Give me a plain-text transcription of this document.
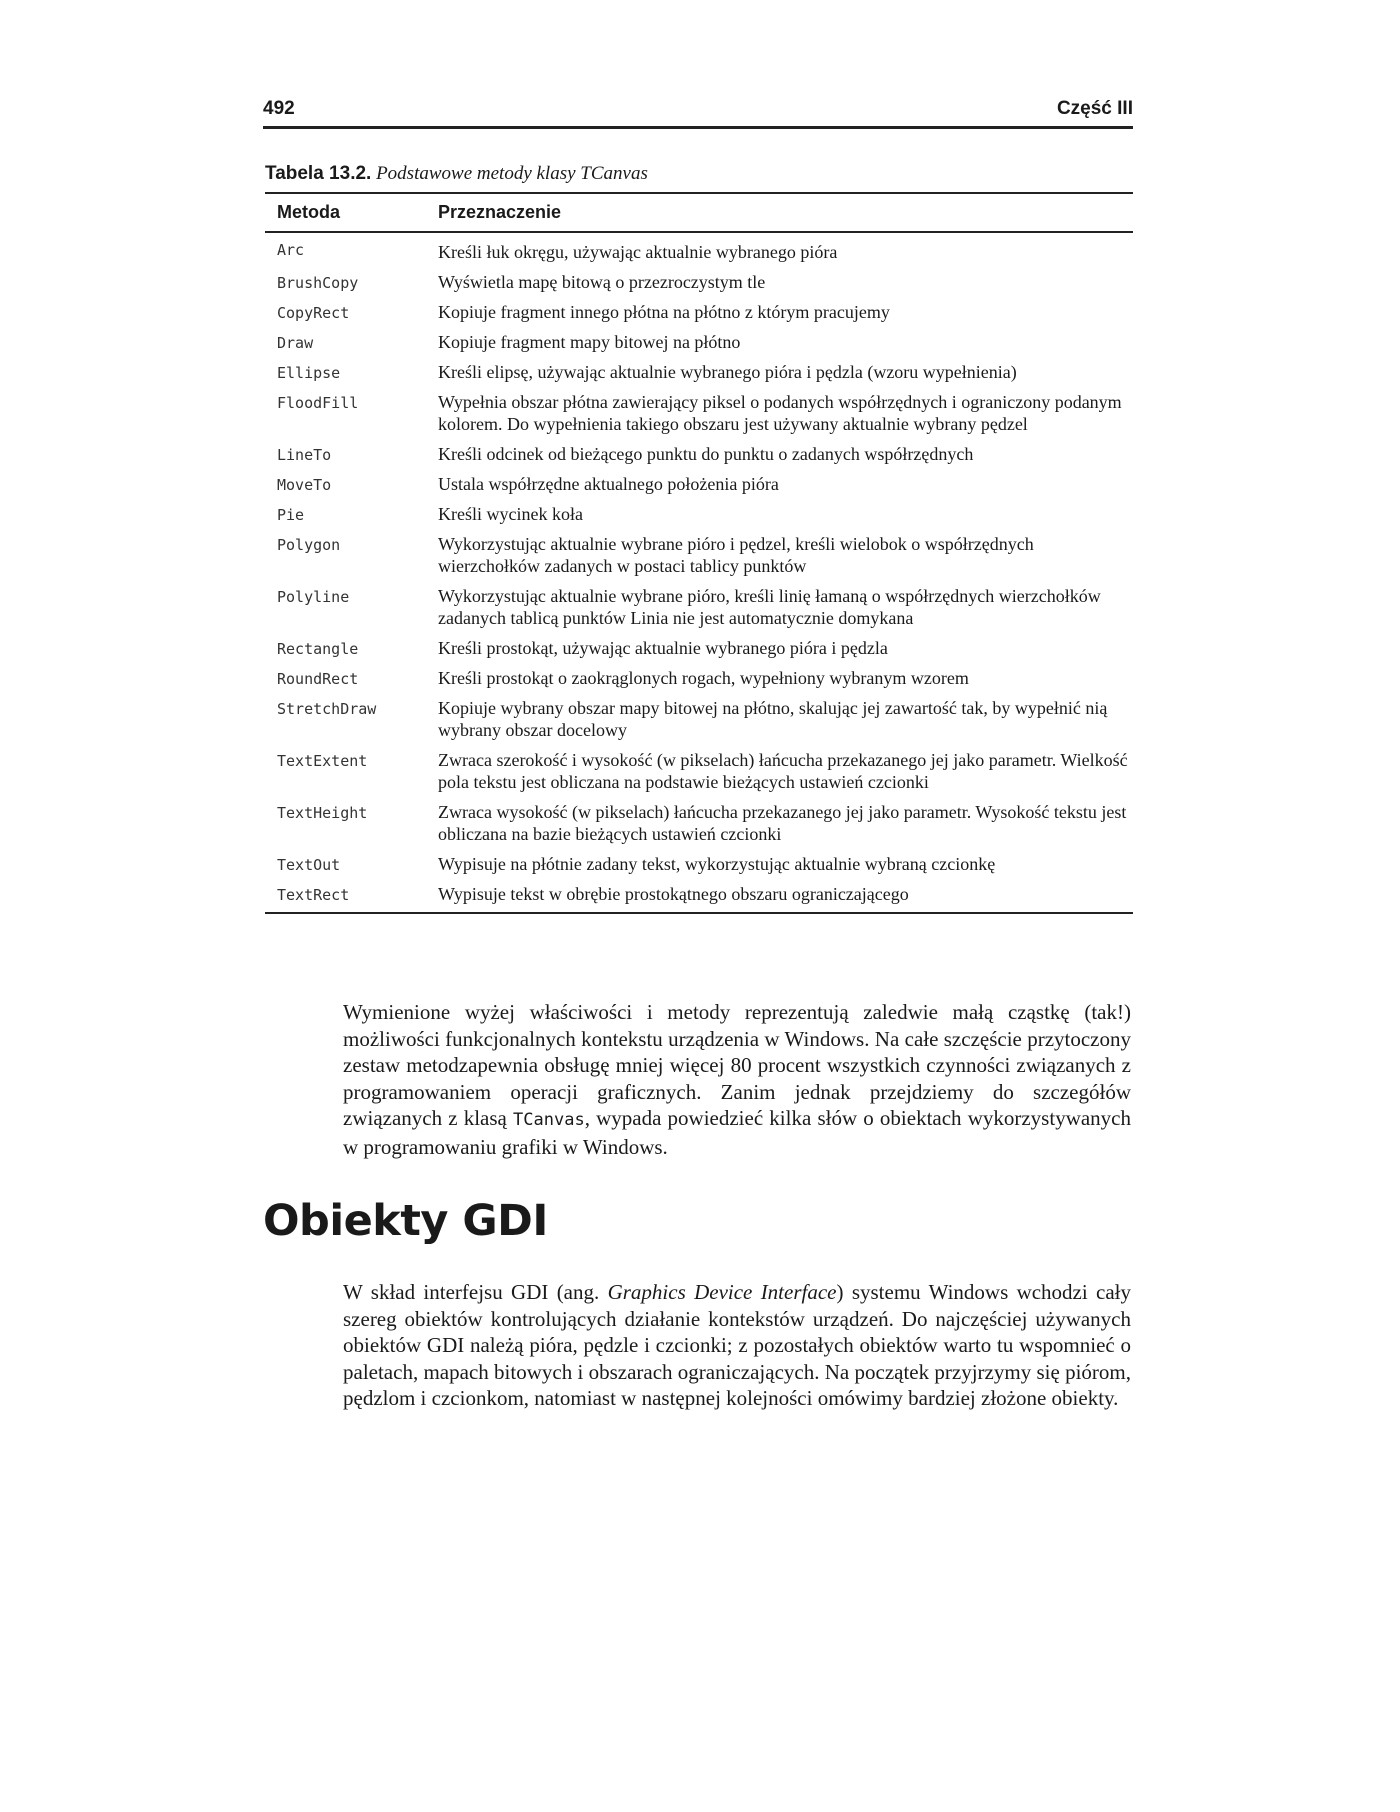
492	Część III
Tabela 13.2. Podstawowe metody klasy TCanvas
Metoda	Przeznaczenie
Arc	Kreśli łuk okręgu, używając aktualnie wybranego pióra
BrushCopy	Wyświetla mapę bitową o przezroczystym tle
CopyRect	Kopiuje fragment innego płótna na płótno z którym pracujemy
Draw	Kopiuje fragment mapy bitowej na płótno
Ellipse	Kreśli elipsę, używając aktualnie wybranego pióra i pędzla (wzoru wypełnienia)
FloodFill	Wypełnia obszar płótna zawierający piksel o podanych współrzędnych i ograniczony podanym kolorem. Do wypełnienia takiego obszaru jest używany aktualnie wybrany pędzel
LineTo	Kreśli odcinek od bieżącego punktu do punktu o zadanych współrzędnych
MoveTo	Ustala współrzędne aktualnego położenia pióra
Pie	Kreśli wycinek koła
Polygon	Wykorzystując aktualnie wybrane pióro i pędzel, kreśli wielobok o współrzędnych wierzchołków zadanych w postaci tablicy punktów
Polyline	Wykorzystując aktualnie wybrane pióro, kreśli linię łamaną o współrzędnych wierzchołków zadanych tablicą punktów Linia nie jest automatycznie domykana
Rectangle	Kreśli prostokąt, używając aktualnie wybranego pióra i pędzla
RoundRect	Kreśli prostokąt o zaokrąglonych rogach, wypełniony wybranym wzorem
StretchDraw	Kopiuje wybrany obszar mapy bitowej na płótno, skalując jej zawartość tak, by wypełnić nią wybrany obszar docelowy
TextExtent	Zwraca szerokość i wysokość (w pikselach) łańcucha przekazanego jej jako parametr. Wielkość pola tekstu jest obliczana na podstawie bieżących ustawień czcionki
TextHeight	Zwraca wysokość (w pikselach) łańcucha przekazanego jej jako parametr. Wysokość tekstu jest obliczana na bazie bieżących ustawień czcionki
TextOut	Wypisuje na płótnie zadany tekst, wykorzystując aktualnie wybraną czcionkę
TextRect	Wypisuje tekst w obrębie prostokątnego obszaru ograniczającego
Wymienione wyżej właściwości i metody reprezentują zaledwie małą cząstkę (tak!) możliwości funkcjonalnych kontekstu urządzenia w Windows. Na całe szczęście przytoczony zestaw metodzapewnia obsługę mniej więcej 80 procent wszystkich czynności związanych z programowaniem operacji graficznych. Zanim jednak przejdziemy do szczegółów związanych z klasą TCanvas, wypada powiedzieć kilka słów o obiektach wykorzystywanych w programowaniu grafiki w Windows.
Obiekty GDI
W skład interfejsu GDI (ang. Graphics Device Interface) systemu Windows wchodzi cały szereg obiektów kontrolujących działanie kontekstów urządzeń. Do najczęściej używanych obiektów GDI należą pióra, pędzle i czcionki; z pozostałych obiektów warto tu wspomnieć o paletach, mapach bitowych i obszarach ograniczających. Na początek przyjrzymy się piórom, pędzlom i czcionkom, natomiast w następnej kolejności omówimy bardziej złożone obiekty.
